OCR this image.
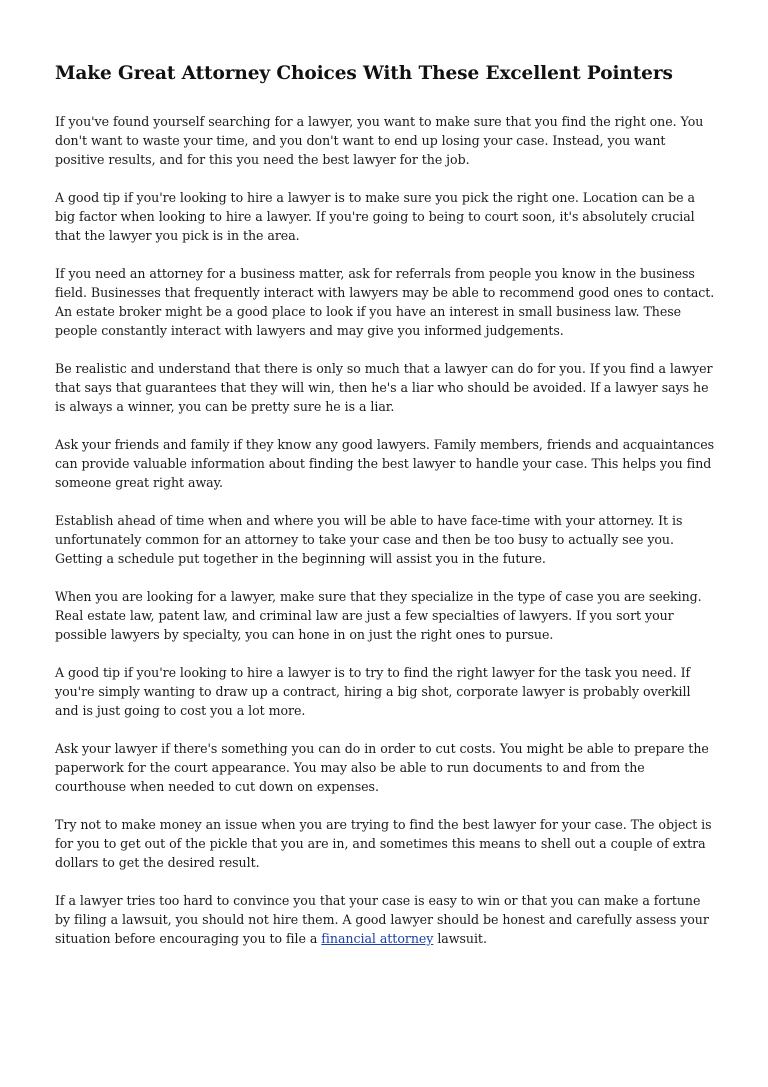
Make Great Attorney Choices With These Excellent Pointers

If you've found yourself searching for a lawyer, you want to make sure that you find the right one. You don't want to waste your time, and you don't want to end up losing your case. Instead, you want positive results, and for this you need the best lawyer for the job.

A good tip if you're looking to hire a lawyer is to make sure you pick the right one. Location can be a big factor when looking to hire a lawyer. If you're going to being to court soon, it's absolutely crucial that the lawyer you pick is in the area.

If you need an attorney for a business matter, ask for referrals from people you know in the business field. Businesses that frequently interact with lawyers may be able to recommend good ones to contact. An estate broker might be a good place to look if you have an interest in small business law. These people constantly interact with lawyers and may give you informed judgements.

Be realistic and understand that there is only so much that a lawyer can do for you. If you find a lawyer that says that guarantees that they will win, then he's a liar who should be avoided. If a lawyer says he is always a winner, you can be pretty sure he is a liar.

Ask your friends and family if they know any good lawyers. Family members, friends and acquaintances can provide valuable information about finding the best lawyer to handle your case. This helps you find someone great right away.

Establish ahead of time when and where you will be able to have face-time with your attorney. It is unfortunately common for an attorney to take your case and then be too busy to actually see you. Getting a schedule put together in the beginning will assist you in the future.

When you are looking for a lawyer, make sure that they specialize in the type of case you are seeking. Real estate law, patent law, and criminal law are just a few specialties of lawyers. If you sort your possible lawyers by specialty, you can hone in on just the right ones to pursue.

A good tip if you're looking to hire a lawyer is to try to find the right lawyer for the task you need. If you're simply wanting to draw up a contract, hiring a big shot, corporate lawyer is probably overkill and is just going to cost you a lot more.

Ask your lawyer if there's something you can do in order to cut costs. You might be able to prepare the paperwork for the court appearance. You may also be able to run documents to and from the courthouse when needed to cut down on expenses.

Try not to make money an issue when you are trying to find the best lawyer for your case. The object is for you to get out of the pickle that you are in, and sometimes this means to shell out a couple of extra dollars to get the desired result.

If a lawyer tries too hard to convince you that your case is easy to win or that you can make a fortune by filing a lawsuit, you should not hire them. A good lawyer should be honest and carefully assess your situation before encouraging you to file a financial attorney lawsuit.
